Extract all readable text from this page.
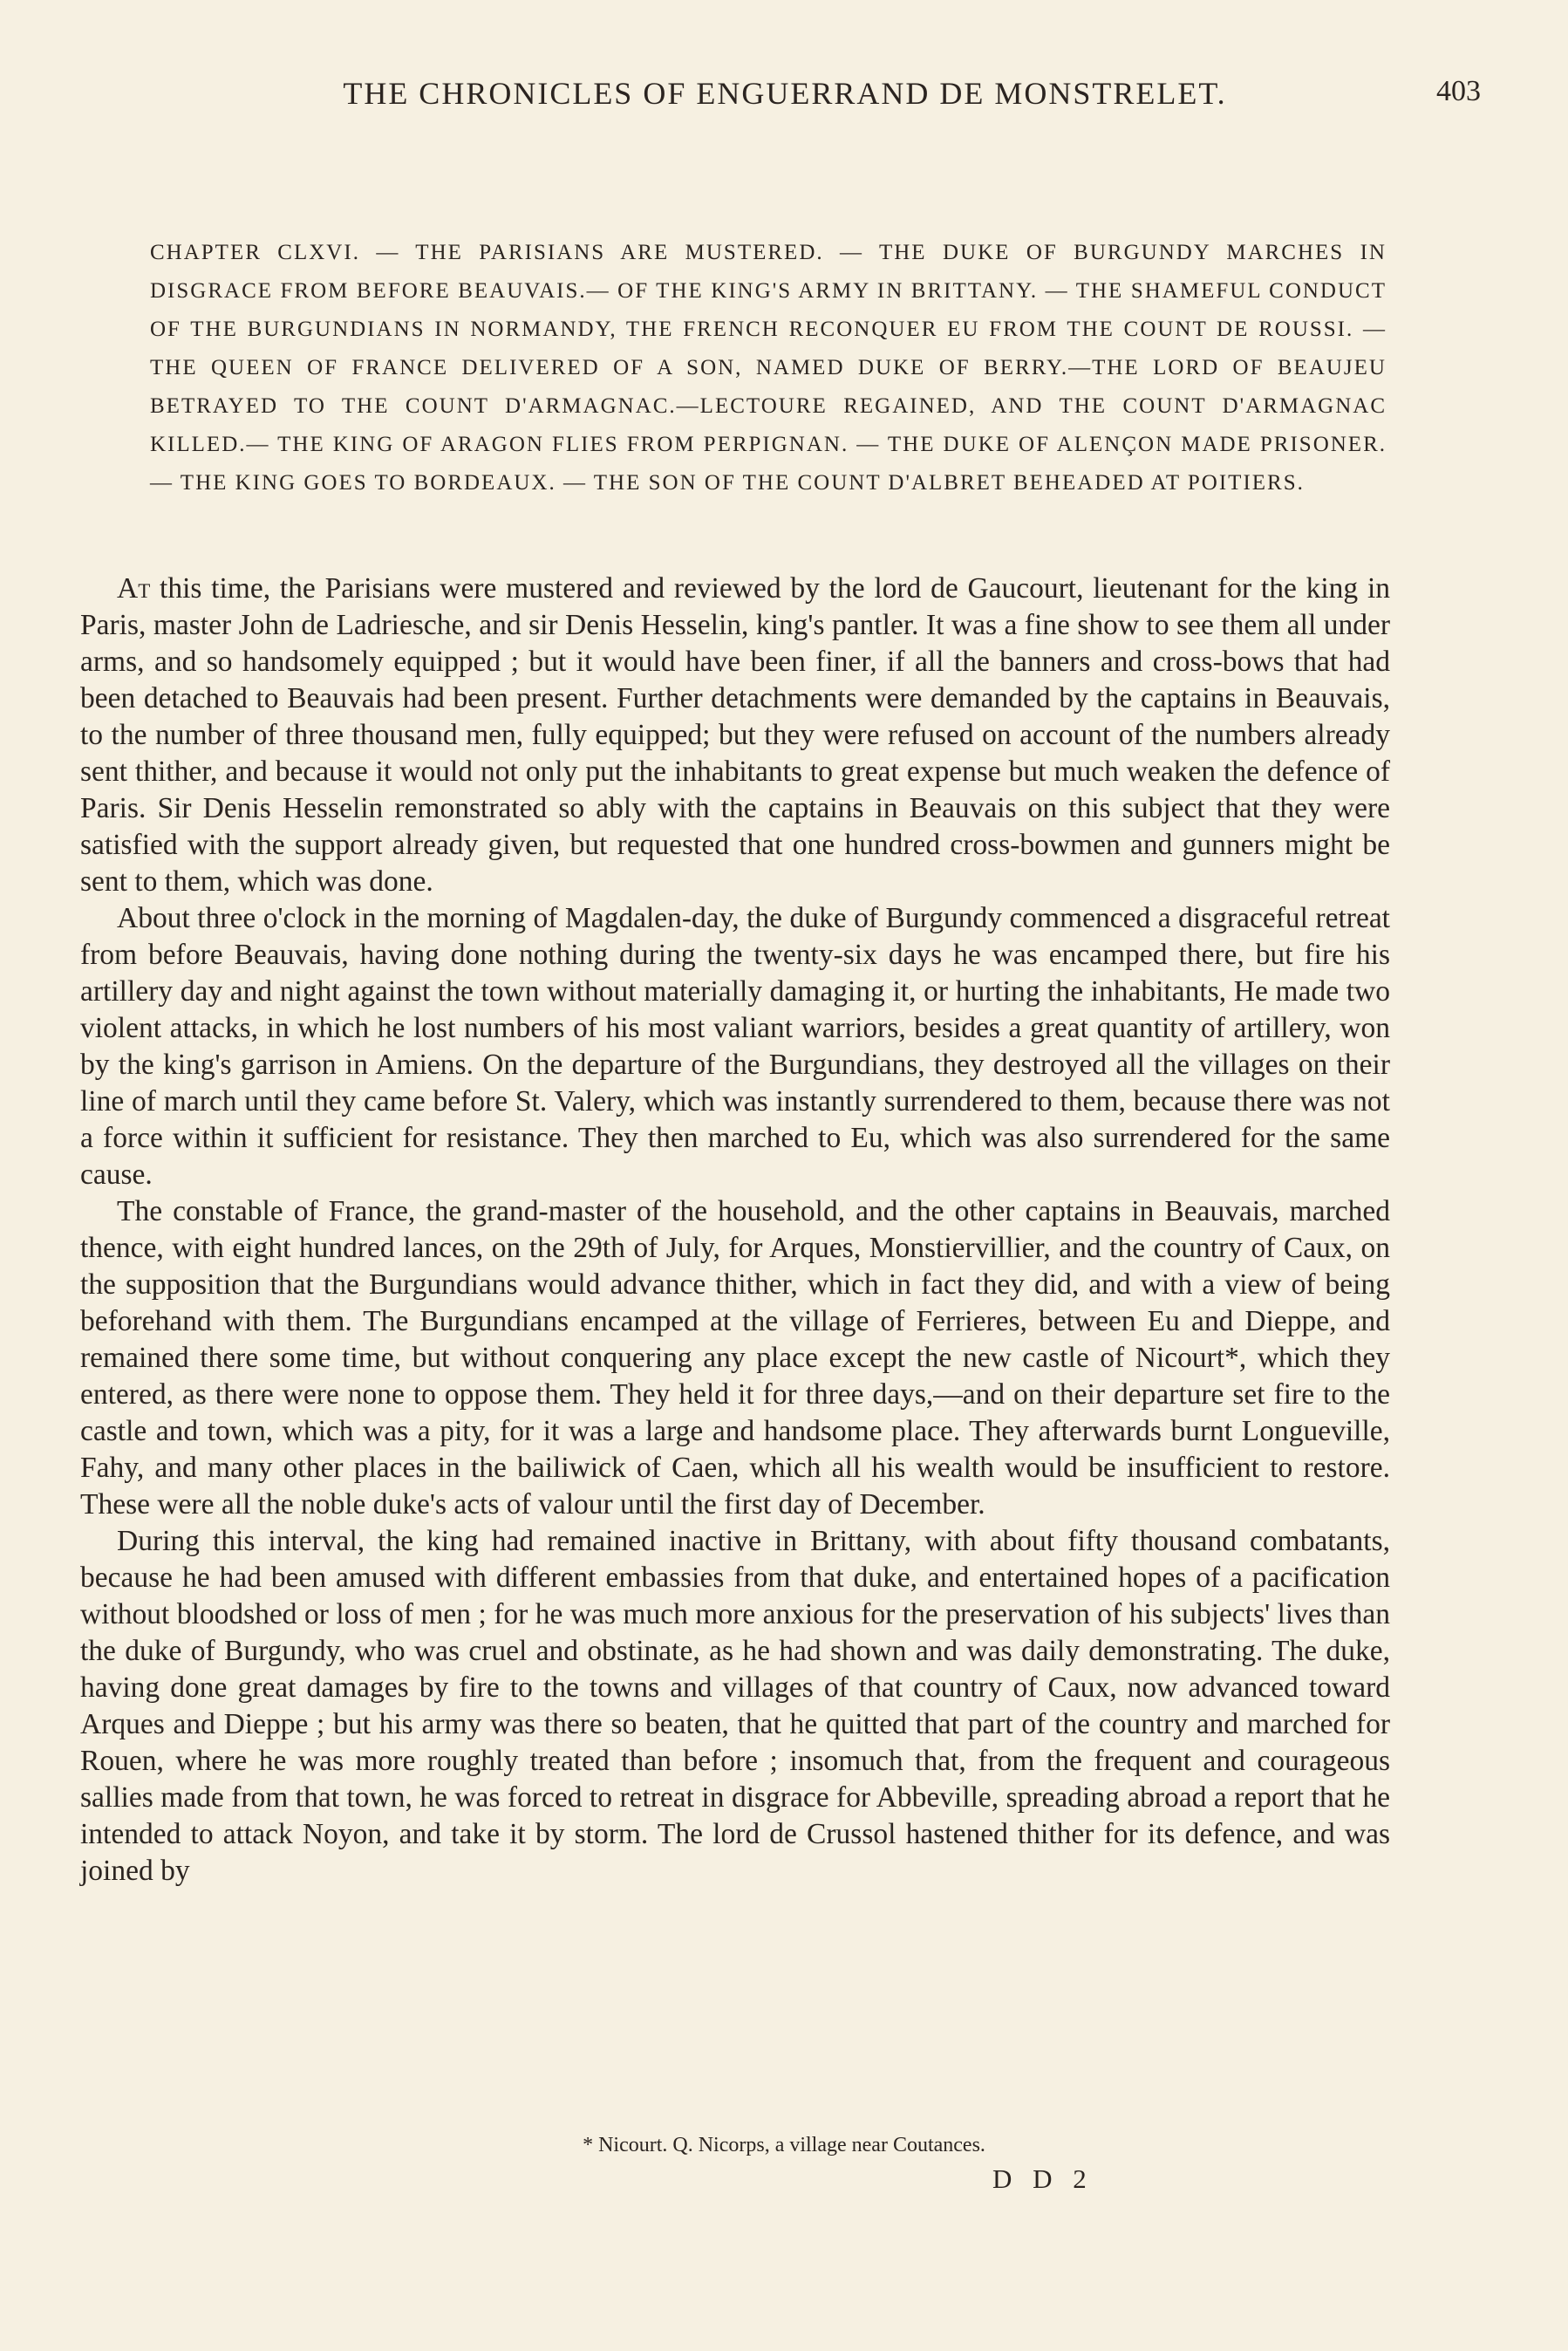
THE CHRONICLES OF ENGUERRAND DE MONSTRELET.	403
CHAPTER CLXVI. — THE PARISIANS ARE MUSTERED. — THE DUKE OF BURGUNDY MARCHES IN DISGRACE FROM BEFORE BEAUVAIS.— OF THE KING'S ARMY IN BRITTANY. — THE SHAMEFUL CONDUCT OF THE BURGUNDIANS IN NORMANDY, THE FRENCH RECONQUER EU FROM THE COUNT DE ROUSSI. — THE QUEEN OF FRANCE DELIVERED OF A SON, NAMED DUKE OF BERRY.—THE LORD OF BEAUJEU BETRAYED TO THE COUNT D'ARMAGNAC.—LECTOURE REGAINED, AND THE COUNT D'ARMAGNAC KILLED.— THE KING OF ARAGON FLIES FROM PERPIGNAN. — THE DUKE OF ALENÇON MADE PRISONER. — THE KING GOES TO BORDEAUX. — THE SON OF THE COUNT D'ALBRET BEHEADED AT POITIERS.

At this time, the Parisians were mustered and reviewed by the lord de Gaucourt, lieutenant for the king in Paris, master John de Ladriesche, and sir Denis Hesselin, king's pantler. It was a fine show to see them all under arms, and so handsomely equipped ; but it would have been finer, if all the banners and cross-bows that had been detached to Beauvais had been present. Further detachments were demanded by the captains in Beauvais, to the number of three thousand men, fully equipped; but they were refused on account of the numbers already sent thither, and because it would not only put the inhabitants to great expense but much weaken the defence of Paris. Sir Denis Hesselin remonstrated so ably with the captains in Beauvais on this subject that they were satisfied with the support already given, but requested that one hundred cross-bowmen and gunners might be sent to them, which was done.

About three o'clock in the morning of Magdalen-day, the duke of Burgundy commenced a disgraceful retreat from before Beauvais, having done nothing during the twenty-six days he was encamped there, but fire his artillery day and night against the town without materially damaging it, or hurting the inhabitants, He made two violent attacks, in which he lost numbers of his most valiant warriors, besides a great quantity of artillery, won by the king's garrison in Amiens. On the departure of the Burgundians, they destroyed all the villages on their line of march until they came before St. Valery, which was instantly surrendered to them, because there was not a force within it sufficient for resistance. They then marched to Eu, which was also surrendered for the same cause.

The constable of France, the grand-master of the household, and the other captains in Beauvais, marched thence, with eight hundred lances, on the 29th of July, for Arques, Monstiervillier, and the country of Caux, on the supposition that the Burgundians would advance thither, which in fact they did, and with a view of being beforehand with them. The Burgundians encamped at the village of Ferrieres, between Eu and Dieppe, and remained there some time, but without conquering any place except the new castle of Nicourt*, which they entered, as there were none to oppose them. They held it for three days,—and on their departure set fire to the castle and town, which was a pity, for it was a large and handsome place. They afterwards burnt Longueville, Fahy, and many other places in the bailiwick of Caen, which all his wealth would be insufficient to restore. These were all the noble duke's acts of valour until the first day of December.

During this interval, the king had remained inactive in Brittany, with about fifty thousand combatants, because he had been amused with different embassies from that duke, and entertained hopes of a pacification without bloodshed or loss of men ; for he was much more anxious for the preservation of his subjects' lives than the duke of Burgundy, who was cruel and obstinate, as he had shown and was daily demonstrating. The duke, having done great damages by fire to the towns and villages of that country of Caux, now advanced toward Arques and Dieppe ; but his army was there so beaten, that he quitted that part of the country and marched for Rouen, where he was more roughly treated than before ; insomuch that, from the frequent and courageous sallies made from that town, he was forced to retreat in disgrace for Abbeville, spreading abroad a report that he intended to attack Noyon, and take it by storm. The lord de Crussol hastened thither for its defence, and was joined by

* Nicourt. Q. Nicorps, a village near Coutances.
D D 2
